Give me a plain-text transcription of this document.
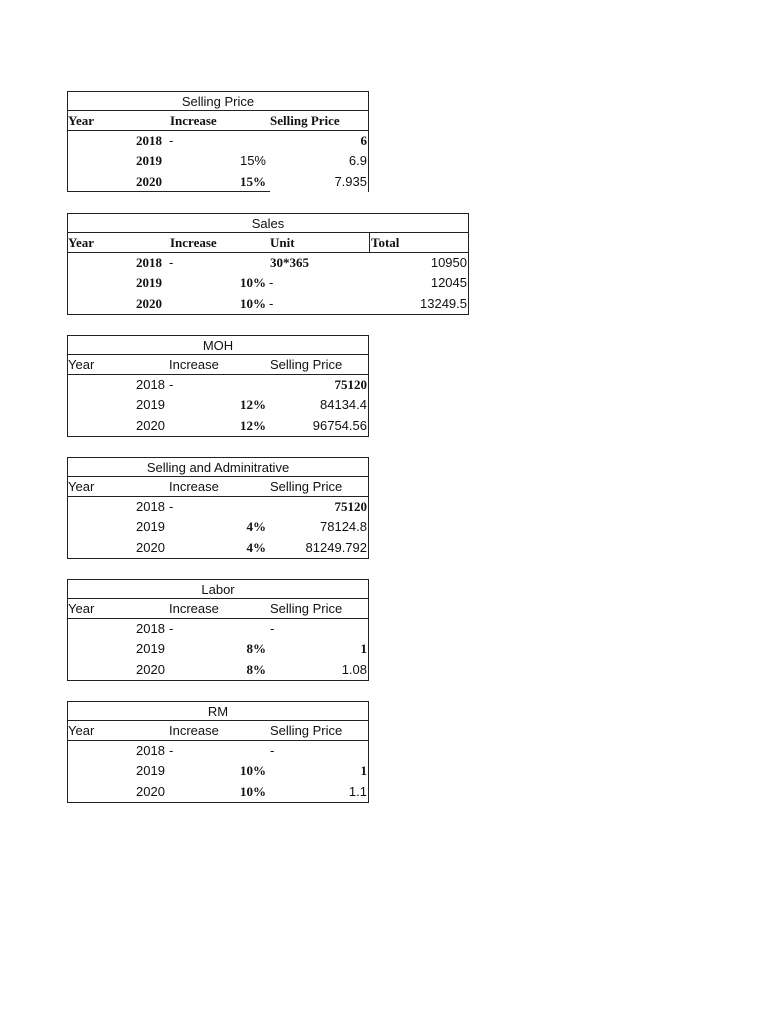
Selling Price
Year	Increase	Selling Price
2018 -	6
2019	15%	6.9
2020	15%	7.935
Sales
Year	Increase	Unit	Total
2018 -	30*365	10950
2019	10% -	12045
2020	10% -	13249.5
MOH
Year	Increase	Selling Price
2018 -	75120
2019	12%	84134.4
2020	12%	96754.56
Selling and Adminitrative
Year	Increase	Selling Price
2018 -	75120
2019	4%	78124.8
2020	4%	81249.792
Labor
Year	Increase	Selling Price
2018 -	-
2019	8%	1
2020	8%	1.08
RM
Year	Increase	Selling Price
2018 -	-
2019	10%	1
2020	10%	1.1
